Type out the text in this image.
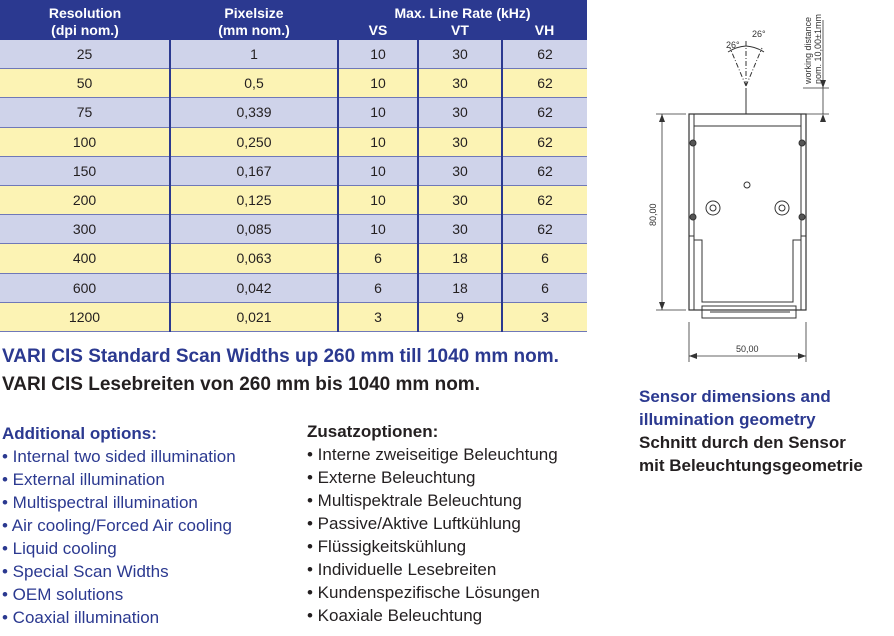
Resolution	Pixelsize	Max. Line Rate (kHz)		
(dpi nom.)	(mm nom.)	VS	VT	VH
25	1	10	30	62
50	0,5	10	30	62
75	0,339	10	30	62
100	0,250	10	30	62
150	0,167	10	30	62
200	0,125	10	30	62
300	0,085	10	30	62
400	0,063	6	18	6
600	0,042	6	18	6
1200	0,021	3	9	3
VARI CIS Standard Scan Widths up 260 mm till 1040 mm nom.
VARI CIS Lesebreiten von 260 mm bis 1040 mm nom.
Additional options:
• Internal two sided illumination
• External illumination
• Multispectral illumination
• Air cooling/Forced Air cooling
• Liquid cooling
• Special Scan Widths
• OEM solutions
• Coaxial illumination
Zusatzoptionen:
• Interne zweiseitige Beleuchtung
• Externe Beleuchtung
• Multispektrale Beleuchtung
• Passive/Aktive Luftkühlung
• Flüssigkeitskühlung
• Individuelle Lesebreiten
• Kundenspezifische Lösungen
• Koaxiale Beleuchtung
Sensor dimensions and
illumination geometry
Schnitt durch den Sensor
mit Beleuchtungsgeometrie
26°
26°	working distance nom. 10,00±1mm
80,00
50,00
